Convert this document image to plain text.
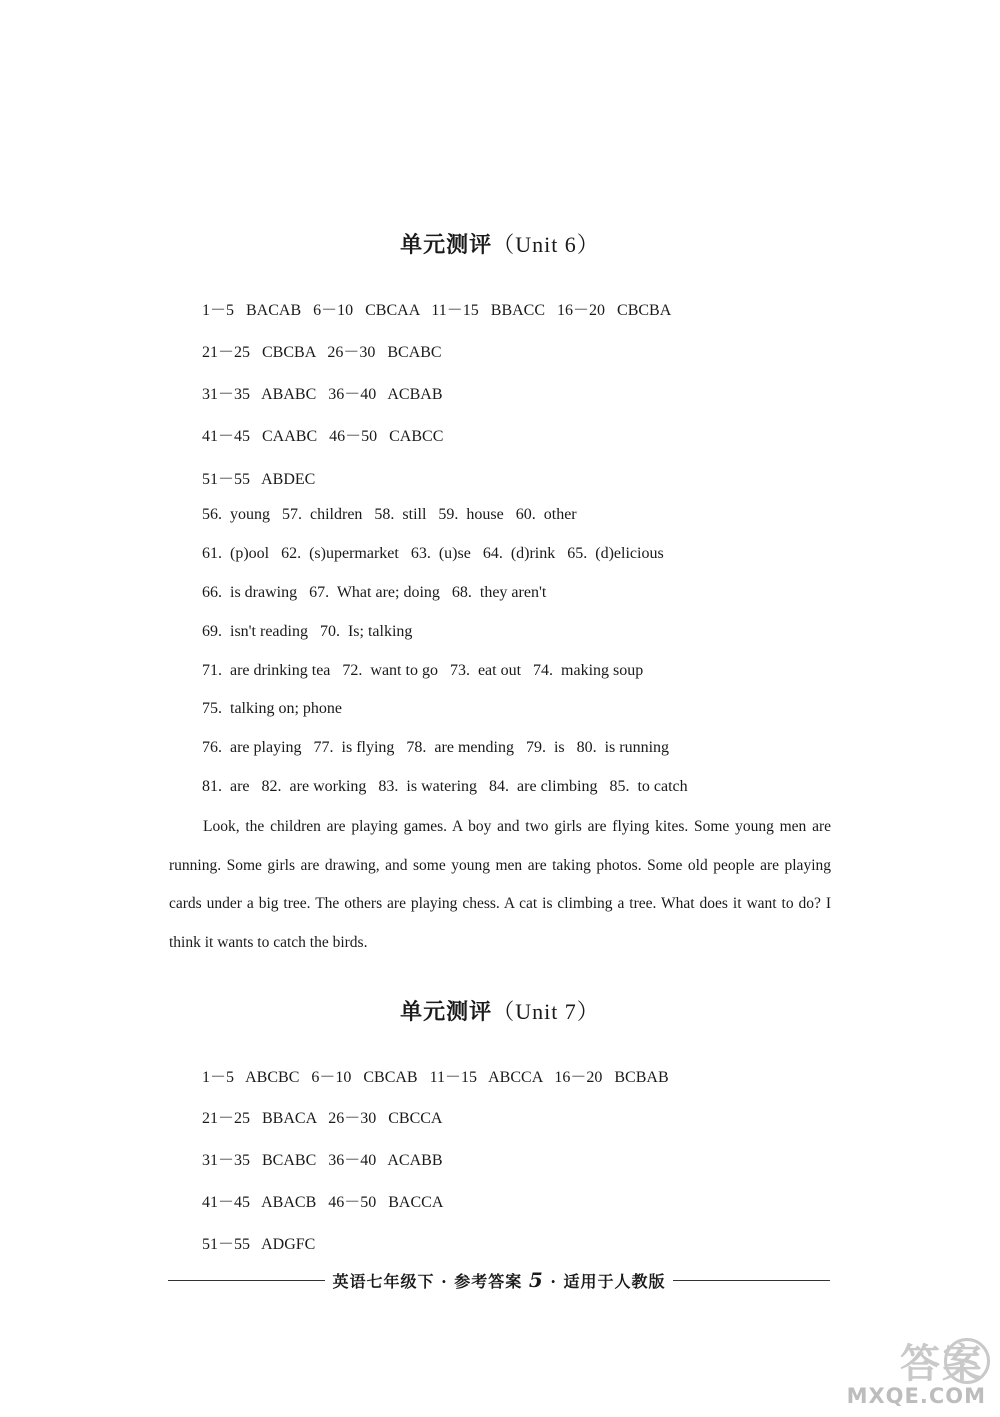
单元测评（Unit 6）
1－5   BACAB   6－10   CBCAA   11－15   BBACC   16－20   CBCBA
21－25   CBCBA   26－30   BCABC
31－35   ABABC   36－40   ACBAB
41－45   CAABC   46－50   CABCC
51－55   ABDEC
56.  young   57.  children   58.  still   59.  house   60.  other
61.  (p)ool   62.  (s)upermarket   63.  (u)se   64.  (d)rink   65.  (d)elicious
66.  is drawing   67.  What are; doing   68.  they aren't
69.  isn't reading   70.  Is; talking
71.  are drinking tea   72.  want to go   73.  eat out   74.  making soup
75.  talking on; phone
76.  are playing   77.  is flying   78.  are mending   79.  is   80.  is running
81.  are   82.  are working   83.  is watering   84.  are climbing   85.  to catch

Look, the children are playing games. A boy and two girls are flying kites. Some young men are running. Some girls are drawing, and some young men are taking photos. Some old people are playing cards under a big tree. The others are playing chess. A cat is climbing a tree. What does it want to do? I think it wants to catch the birds.

单元测评（Unit 7）
1－5   ABCBC   6－10   CBCAB   11－15   ABCCA   16－20   BCBAB
21－25   BBACA   26－30   CBCCA
31－35   BCABC   36－40   ACABB
41－45   ABACB   46－50   BACCA
51－55   ADGFC
英语七年级下 · 参考答案 5 · 适用于人教版
答案
MXQE.COM
